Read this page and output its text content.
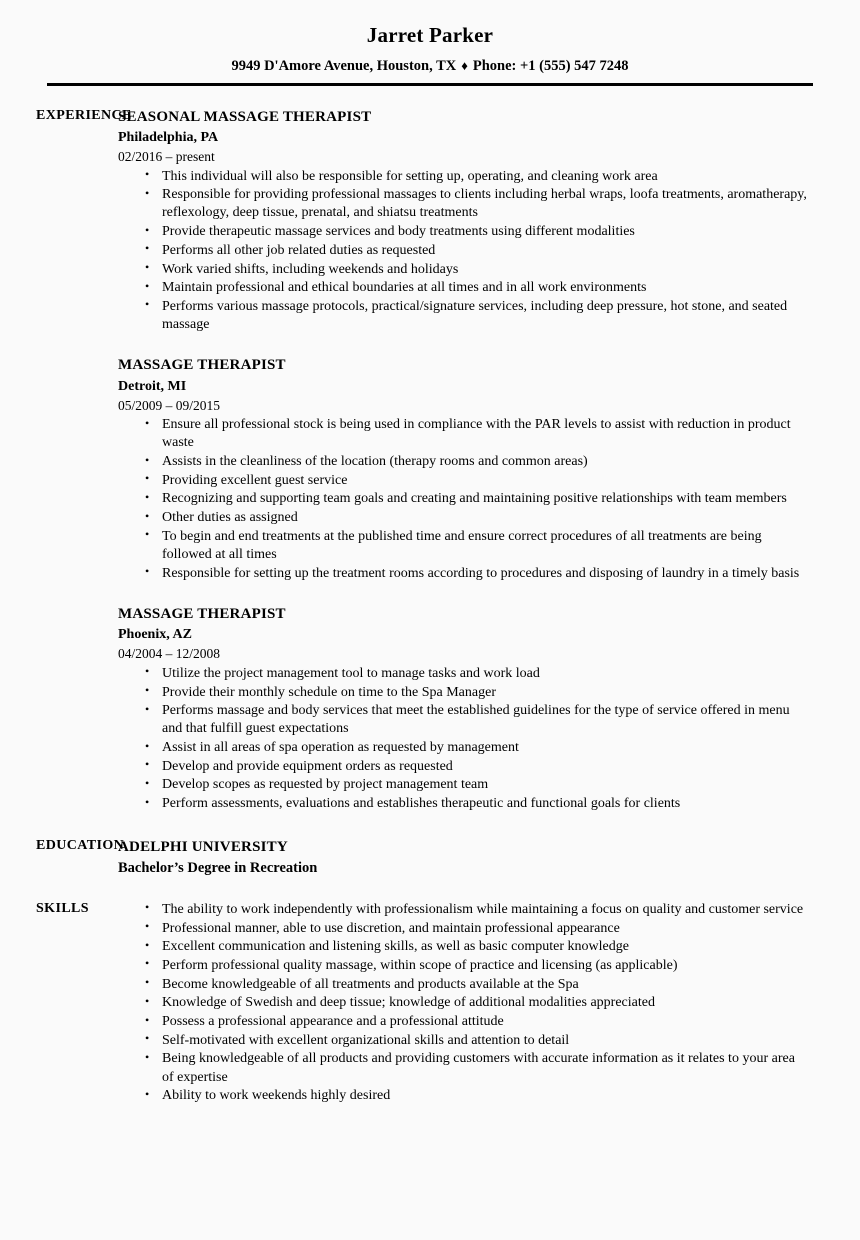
Jarret Parker
9949 D'Amore Avenue, Houston, TX ♦ Phone: +1 (555) 547 7248
EXPERIENCE
SEASONAL MASSAGE THERAPIST
Philadelphia, PA
02/2016 – present
• This individual will also be responsible for setting up, operating, and cleaning work area
• Responsible for providing professional massages to clients including herbal wraps, loofa treatments, aromatherapy, reflexology, deep tissue, prenatal, and shiatsu treatments
• Provide therapeutic massage services and body treatments using different modalities
• Performs all other job related duties as requested
• Work varied shifts, including weekends and holidays
• Maintain professional and ethical boundaries at all times and in all work environments
• Performs various massage protocols, practical/signature services, including deep pressure, hot stone, and seated massage
MASSAGE THERAPIST
Detroit, MI
05/2009 – 09/2015
• Ensure all professional stock is being used in compliance with the PAR levels to assist with reduction in product waste
• Assists in the cleanliness of the location (therapy rooms and common areas)
• Providing excellent guest service
• Recognizing and supporting team goals and creating and maintaining positive relationships with team members
• Other duties as assigned
• To begin and end treatments at the published time and ensure correct procedures of all treatments are being followed at all times
• Responsible for setting up the treatment rooms according to procedures and disposing of laundry in a timely basis
MASSAGE THERAPIST
Phoenix, AZ
04/2004 – 12/2008
• Utilize the project management tool to manage tasks and work load
• Provide their monthly schedule on time to the Spa Manager
• Performs massage and body services that meet the established guidelines for the type of service offered in menu and that fulfill guest expectations
• Assist in all areas of spa operation as requested by management
• Develop and provide equipment orders as requested
• Develop scopes as requested by project management team
• Perform assessments, evaluations and establishes therapeutic and functional goals for clients
EDUCATION
ADELPHI UNIVERSITY
Bachelor’s Degree in Recreation
SKILLS	• The ability to work independently with professionalism while maintaining a focus on quality and customer service
• Professional manner, able to use discretion, and maintain professional appearance
• Excellent communication and listening skills, as well as basic computer knowledge
• Perform professional quality massage, within scope of practice and licensing (as applicable)
• Become knowledgeable of all treatments and products available at the Spa
• Knowledge of Swedish and deep tissue; knowledge of additional modalities appreciated
• Possess a professional appearance and a professional attitude
• Self-motivated with excellent organizational skills and attention to detail
• Being knowledgeable of all products and providing customers with accurate information as it relates to your area of expertise
• Ability to work weekends highly desired
